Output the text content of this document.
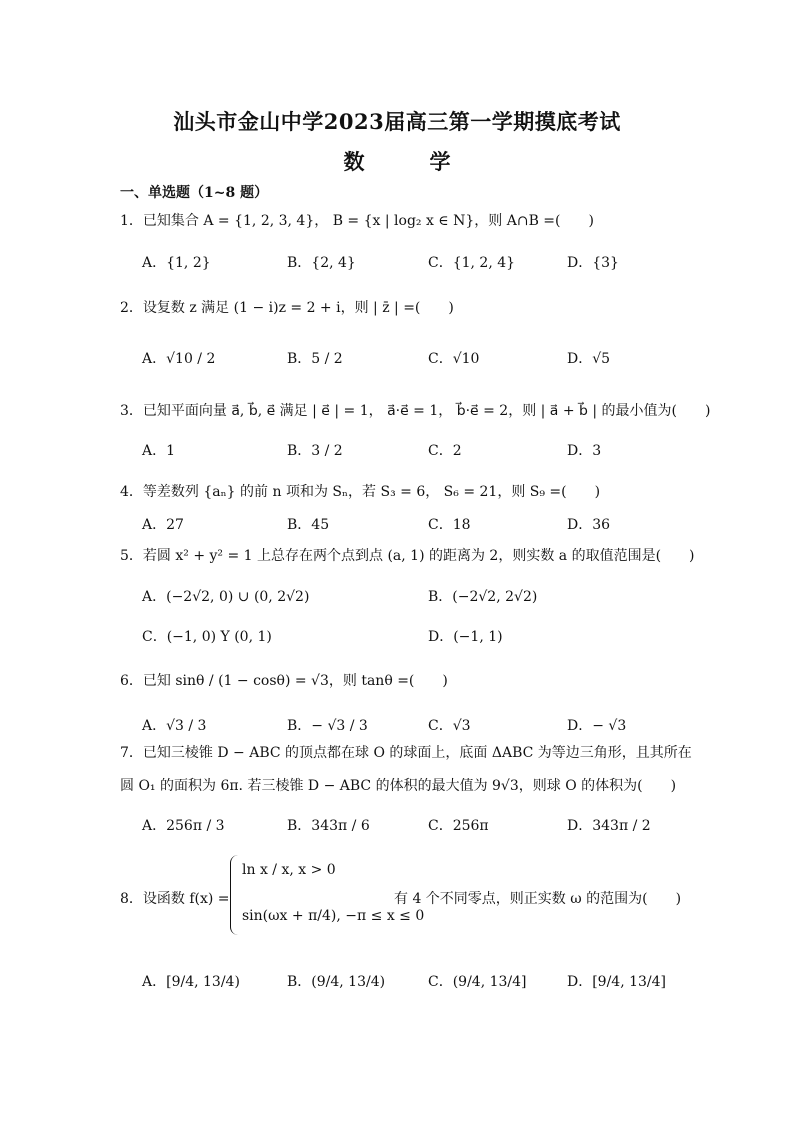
汕头市金山中学2023届高三第一学期摸底考试
数　学
一、单选题（1~8 题）
1．已知集合 A = {1, 2, 3, 4}， B = {x | log₂ x ∈ N}，则 A∩B =(　　)
A．{1, 2}	B．{2, 4}	C．{1, 2, 4}	D．{3}
2．设复数 z 满足 (1 − i)z = 2 + i，则 | z̄ | =(　　)
A．√10 / 2	B．5 / 2	C．√10	D．√5
3．已知平面向量 a⃗, b⃗, e⃗ 满足 | e⃗ | = 1， a⃗·e⃗ = 1， b⃗·e⃗ = 2，则 | a⃗ + b⃗ | 的最小值为(　　)
A．1	B．3 / 2	C．2	D．3
4．等差数列 {aₙ} 的前 n 项和为 Sₙ，若 S₃ = 6， S₆ = 21，则 S₉ =(　　)
A．27	B．45	C．18	D．36
5．若圆 x² + y² = 1 上总存在两个点到点 (a, 1) 的距离为 2，则实数 a 的取值范围是(　　)
A．(−2√2, 0) ∪ (0, 2√2)	B．(−2√2, 2√2)
C．(−1, 0) Y (0, 1)	D．(−1, 1)
6．已知 sinθ / (1 − cosθ) = √3，则 tanθ =(　　)
A．√3 / 3	B．− √3 / 3	C．√3	D．− √3
7．已知三棱锥 D − ABC 的顶点都在球 O 的球面上，底面 ΔABC 为等边三角形，且其所在
圆 O₁ 的面积为 6π. 若三棱锥 D − ABC 的体积的最大值为 9√3，则球 O 的体积为(　　)
A．256π / 3	B．343π / 6	C．256π	D．343π / 2
8．设函数 f(x) =
ln x / x, x > 0
sin(ωx + π/4), −π ≤ x ≤ 0
有 4 个不同零点，则正实数 ω 的范围为(　　)
A．[9/4, 13/4)	B．(9/4, 13/4)	C．(9/4, 13/4]	D．[9/4, 13/4]
